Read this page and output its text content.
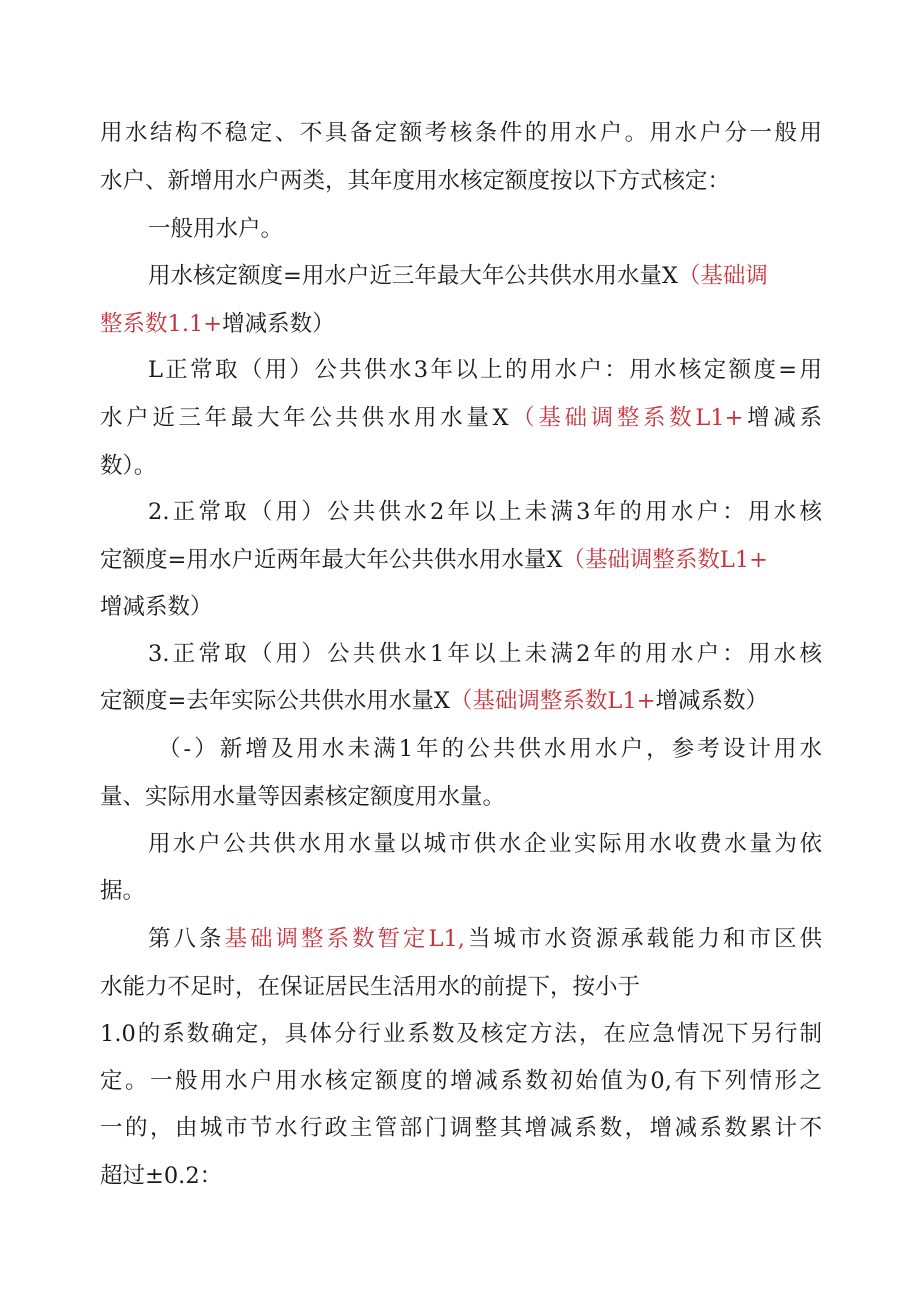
用水结构不稳定、不具备定额考核条件的用水户。用水户分一般用
水户、新增用水户两类，其年度用水核定额度按以下方式核定：
一般用水户。
用水核定额度=用水户近三年最大年公共供水用水量X（基础调
整系数1.1+增减系数）
L正常取（用）公共供水3年以上的用水户：用水核定额度=用
水户近三年最大年公共供水用水量X（基础调整系数L1+增减系
数）。
2.正常取（用）公共供水2年以上未满3年的用水户：用水核
定额度=用水户近两年最大年公共供水用水量X（基础调整系数L1+
增减系数）
3.正常取（用）公共供水1年以上未满2年的用水户：用水核
定额度=去年实际公共供水用水量X（基础调整系数L1+增减系数）
（-）新增及用水未满1年的公共供水用水户，参考设计用水
量、实际用水量等因素核定额度用水量。
用水户公共供水用水量以城市供水企业实际用水收费水量为依
据。
第八条基础调整系数暂定L1,当城市水资源承载能力和市区供
水能力不足时，在保证居民生活用水的前提下，按小于
1.0的系数确定，具体分行业系数及核定方法，在应急情况下另行制
定。一般用水户用水核定额度的增减系数初始值为0,有下列情形之
一的，由城市节水行政主管部门调整其增减系数，增减系数累计不
超过±0.2：
